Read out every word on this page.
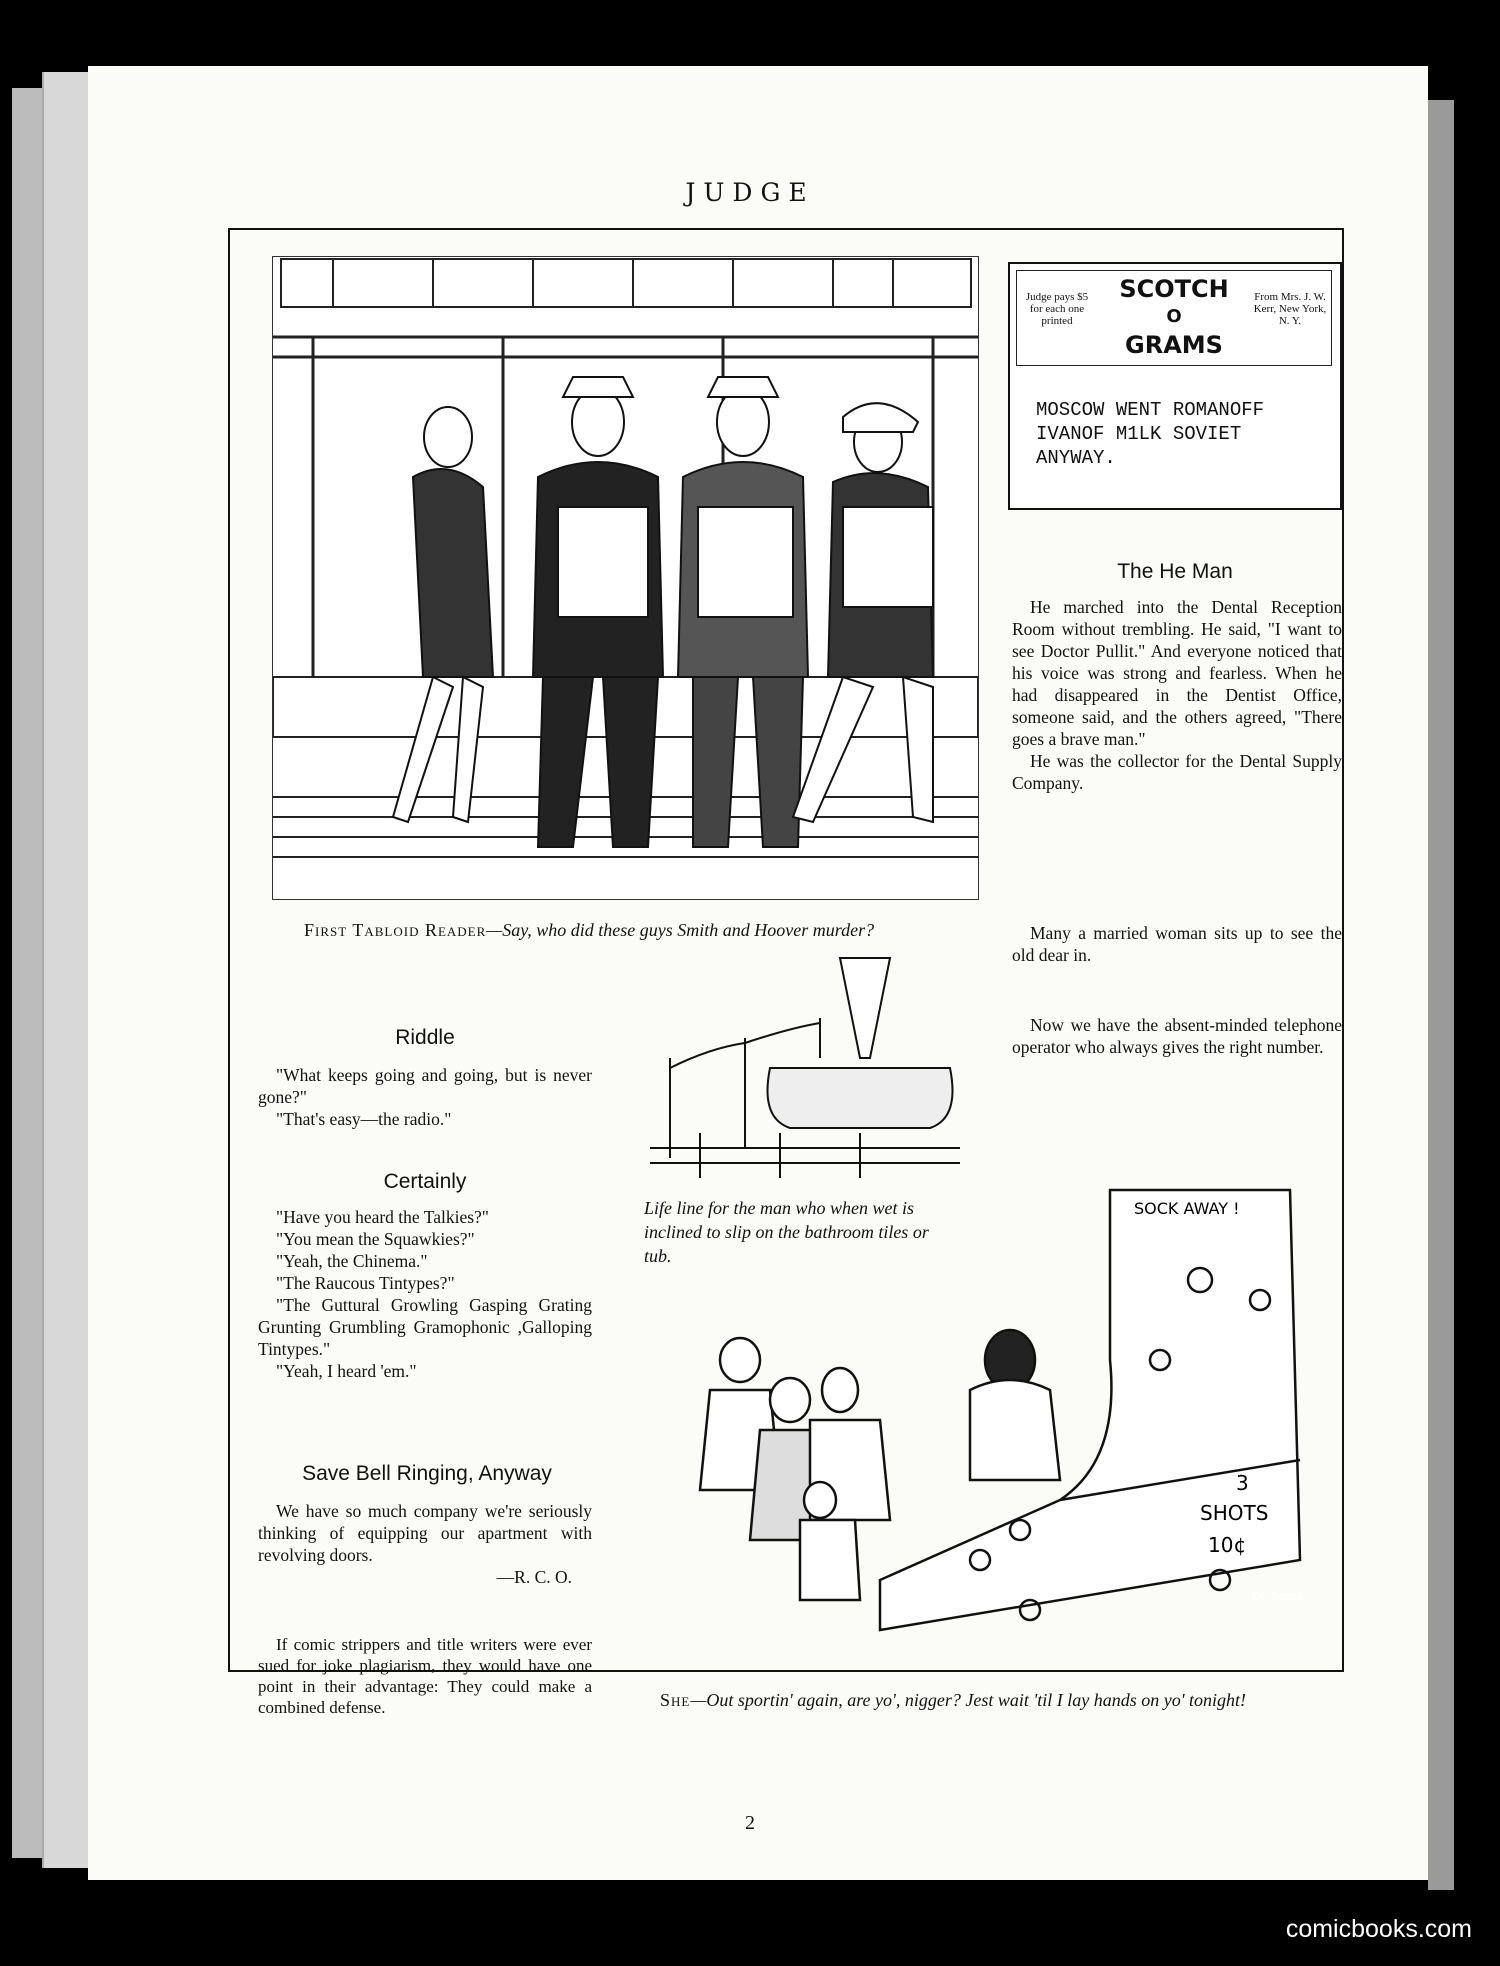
JUDGE
First Tabloid Reader—Say, who did these guys Smith and Hoover murder?
Judge pays $5 for each one printed
SCOTCH
O
GRAMS
From Mrs. J. W. Kerr, New York, N. Y.
MOSCOW WENT ROMANOFF
IVANOF M1LK SOVIET
ANYWAY.
The He Man

He marched into the Dental Reception Room without trembling. He said, "I want to see Doctor Pullit." And everyone noticed that his voice was strong and fearless. When he had disappeared in the Dentist Office, someone said, and the others agreed, "There goes a brave man."

He was the collector for the Dental Supply Company.

Many a married woman sits up to see the old dear in.

Now we have the absent-minded telephone operator who always gives the right number.

Riddle

"What keeps going and going, but is never gone?"

"That's easy—the radio."

Certainly

"Have you heard the Talkies?"

"You mean the Squawkies?"

"Yeah, the Chinema."

"The Raucous Tintypes?"

"The Guttural Growling Gasping Grating Grunting Grumbling Gramophonic ,Galloping Tintypes."

"Yeah, I heard 'em."

Save Bell Ringing, Anyway

We have so much company we're seriously thinking of equipping our apartment with revolving doors.

—R. C. O.

If comic strippers and title writers were ever sued for joke plagiarism, they would have one point in their advantage: They could make a combined defense.

Life line for the man who when wet is inclined to slip on the bathroom tiles or tub.
SOCK AWAY !
3
SHOTS
10¢
Dr. Seuss
She—Out sportin' again, are yo', nigger? Jest wait 'til I lay hands on yo' tonight!
2
comicbooks.com
